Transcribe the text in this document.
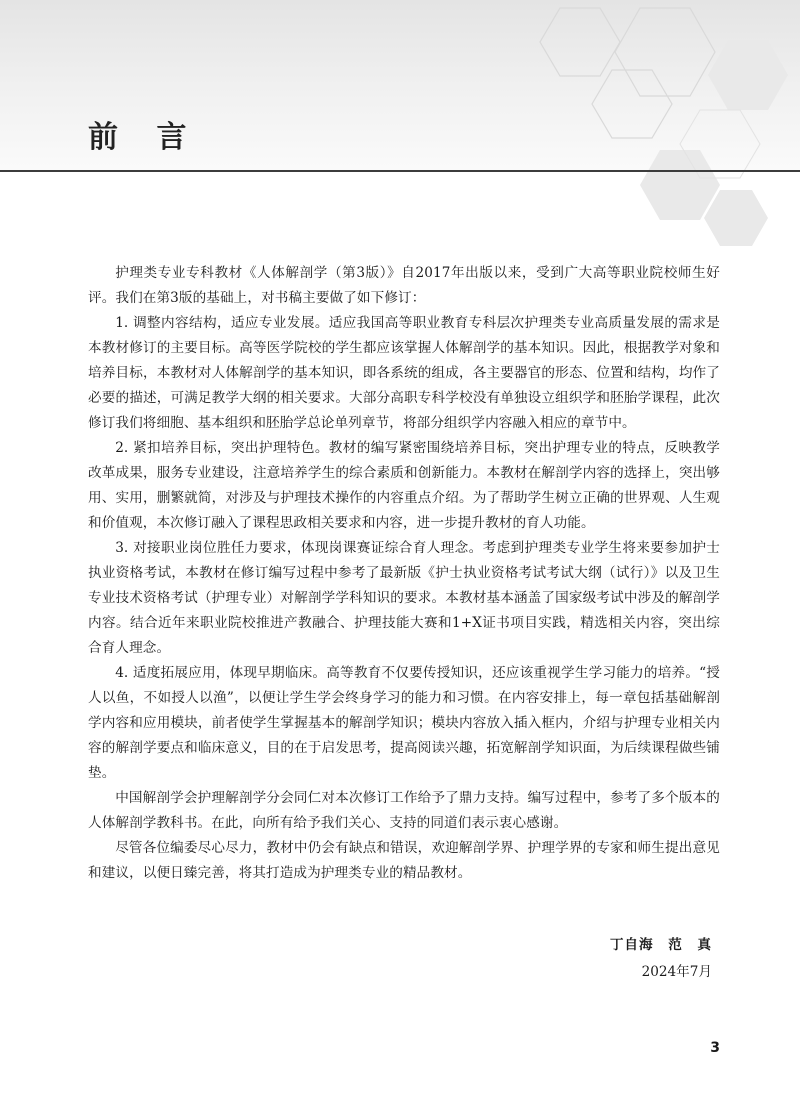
前 言

护理类专业专科教材《人体解剖学（第3版）》自2017年出版以来，受到广大高等职业院校师生好评。我们在第3版的基础上，对书稿主要做了如下修订：

1. 调整内容结构，适应专业发展。适应我国高等职业教育专科层次护理类专业高质量发展的需求是本教材修订的主要目标。高等医学院校的学生都应该掌握人体解剖学的基本知识。因此，根据教学对象和培养目标，本教材对人体解剖学的基本知识，即各系统的组成，各主要器官的形态、位置和结构，均作了必要的描述，可满足教学大纲的相关要求。大部分高职专科学校没有单独设立组织学和胚胎学课程，此次修订我们将细胞、基本组织和胚胎学总论单列章节，将部分组织学内容融入相应的章节中。

2. 紧扣培养目标，突出护理特色。教材的编写紧密围绕培养目标，突出护理专业的特点，反映教学改革成果，服务专业建设，注意培养学生的综合素质和创新能力。本教材在解剖学内容的选择上，突出够用、实用，删繁就简，对涉及与护理技术操作的内容重点介绍。为了帮助学生树立正确的世界观、人生观和价值观，本次修订融入了课程思政相关要求和内容，进一步提升教材的育人功能。

3. 对接职业岗位胜任力要求，体现岗课赛证综合育人理念。考虑到护理类专业学生将来要参加护士执业资格考试，本教材在修订编写过程中参考了最新版《护士执业资格考试考试大纲（试行）》以及卫生专业技术资格考试（护理专业）对解剖学学科知识的要求。本教材基本涵盖了国家级考试中涉及的解剖学内容。结合近年来职业院校推进产教融合、护理技能大赛和1+X证书项目实践，精选相关内容，突出综合育人理念。

4. 适度拓展应用，体现早期临床。高等教育不仅要传授知识，还应该重视学生学习能力的培养。“授人以鱼，不如授人以渔”，以便让学生学会终身学习的能力和习惯。在内容安排上，每一章包括基础解剖学内容和应用模块，前者使学生掌握基本的解剖学知识；模块内容放入插入框内，介绍与护理专业相关内容的解剖学要点和临床意义，目的在于启发思考，提高阅读兴趣，拓宽解剖学知识面，为后续课程做些铺垫。

中国解剖学会护理解剖学分会同仁对本次修订工作给予了鼎力支持。编写过程中，参考了多个版本的人体解剖学教科书。在此，向所有给予我们关心、支持的同道们表示衷心感谢。

尽管各位编委尽心尽力，教材中仍会有缺点和错误，欢迎解剖学界、护理学界的专家和师生提出意见和建议，以便日臻完善，将其打造成为护理类专业的精品教材。

丁自海　范　真
2024年7月
3
